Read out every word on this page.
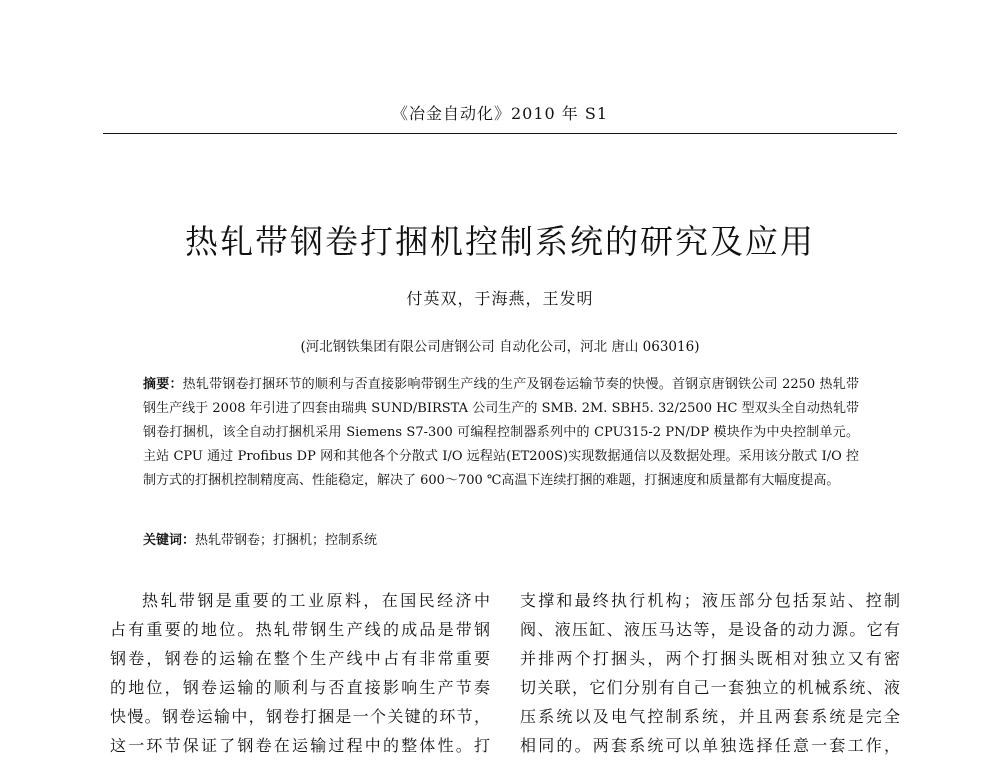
《冶金自动化》2010 年 S1
热轧带钢卷打捆机控制系统的研究及应用
付英双，于海燕，王发明
(河北钢铁集团有限公司唐钢公司 自动化公司，河北 唐山 063016)
摘要：热轧带钢卷打捆环节的顺利与否直接影响带钢生产线的生产及钢卷运输节奏的快慢。首钢京唐钢铁公司 2250 热轧带钢生产线于 2008 年引进了四套由瑞典 SUND/BIRSTA 公司生产的 SMB. 2M. SBH5. 32/2500 HC 型双头全自动热轧带钢卷打捆机，该全自动打捆机采用 Siemens S7-300 可编程控制器系列中的 CPU315-2 PN/DP 模块作为中央控制单元。主站 CPU 通过 Profibus DP 网和其他各个分散式 I/O 远程站(ET200S)实现数据通信以及数据处理。采用该分散式 I/O 控制方式的打捆机控制精度高、性能稳定，解决了 600～700 ℃高温下连续打捆的难题，打捆速度和质量都有大幅度提高。
关键词：热轧带钢卷；打捆机；控制系统
热轧带钢是重要的工业原料，在国民经济中
占有重要的地位。热轧带钢生产线的成品是带钢
钢卷，钢卷的运输在整个生产线中占有非常重要
的地位，钢卷运输的顺利与否直接影响生产节奏
快慢。钢卷运输中，钢卷打捆是一个关键的环节，
这一环节保证了钢卷在运输过程中的整体性。打
支撑和最终执行机构；液压部分包括泵站、控制
阀、液压缸、液压马达等，是设备的动力源。它有
并排两个打捆头，两个打捆头既相对独立又有密
切关联，它们分别有自己一套独立的机械系统、液
压系统以及电气控制系统，并且两套系统是完全
相同的。两套系统可以单独选择任意一套工作，
